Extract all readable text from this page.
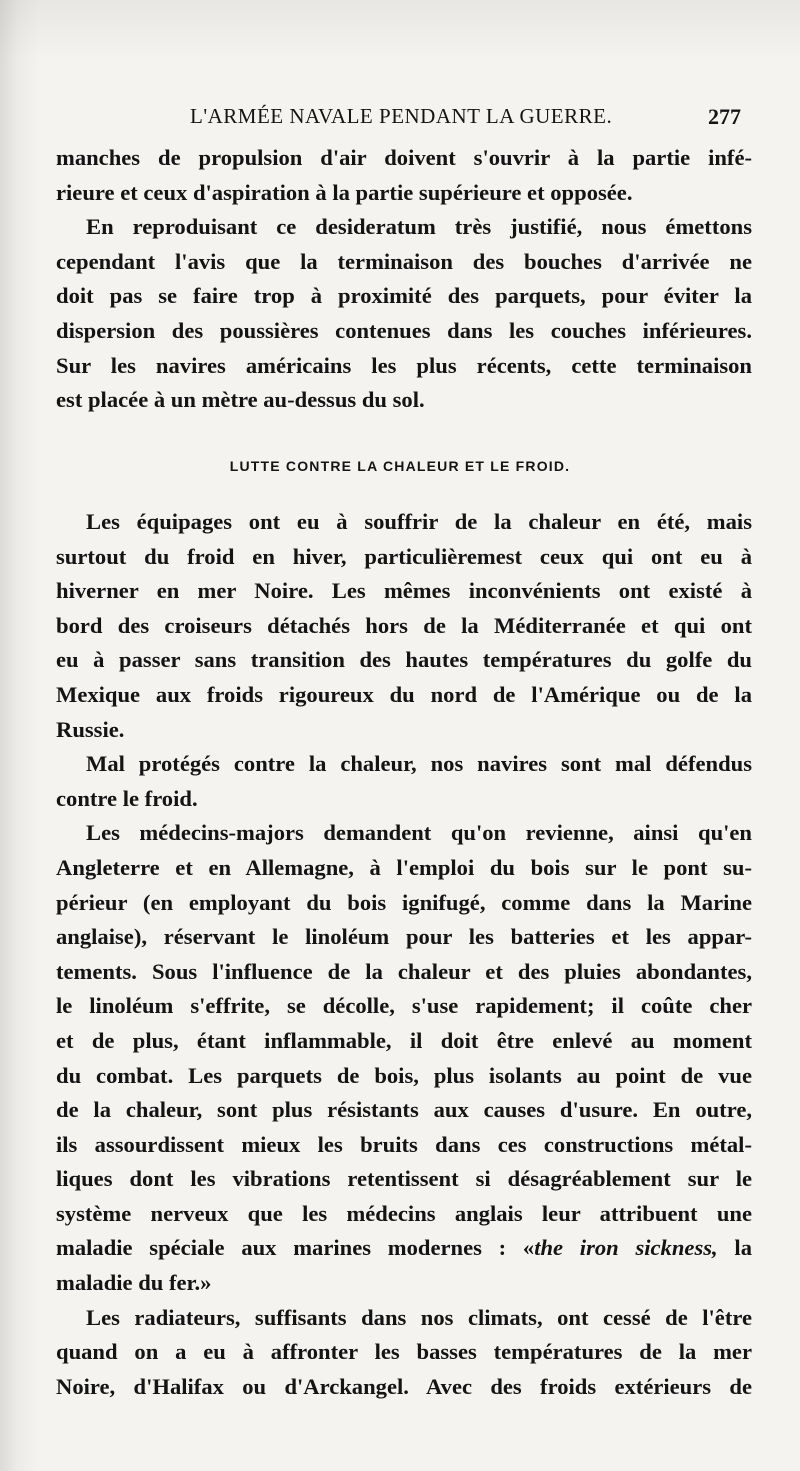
L'ARMÉE NAVALE PENDANT LA GUERRE.	277
manches de propulsion d'air doivent s'ouvrir à la partie infé-
rieure et ceux d'aspiration à la partie supérieure et opposée.
En reproduisant ce desideratum très justifié, nous émettons
cependant l'avis que la terminaison des bouches d'arrivée ne
doit pas se faire trop à proximité des parquets, pour éviter la
dispersion des poussières contenues dans les couches inférieures.
Sur les navires américains les plus récents, cette terminaison
est placée à un mètre au-dessus du sol.
LUTTE CONTRE LA CHALEUR ET LE FROID.
Les équipages ont eu à souffrir de la chaleur en été, mais
surtout du froid en hiver, particulièremest ceux qui ont eu à
hiverner en mer Noire. Les mêmes inconvénients ont existé à
bord des croiseurs détachés hors de la Méditerranée et qui ont
eu à passer sans transition des hautes températures du golfe du
Mexique aux froids rigoureux du nord de l'Amérique ou de la
Russie.
Mal protégés contre la chaleur, nos navires sont mal défendus
contre le froid.
Les médecins-majors demandent qu'on revienne, ainsi qu'en
Angleterre et en Allemagne, à l'emploi du bois sur le pont su-
périeur (en employant du bois ignifugé, comme dans la Marine
anglaise), réservant le linoléum pour les batteries et les appar-
tements. Sous l'influence de la chaleur et des pluies abondantes,
le linoléum s'effrite, se décolle, s'use rapidement; il coûte cher
et de plus, étant inflammable, il doit être enlevé au moment
du combat. Les parquets de bois, plus isolants au point de vue
de la chaleur, sont plus résistants aux causes d'usure. En outre,
ils assourdissent mieux les bruits dans ces constructions métal-
liques dont les vibrations retentissent si désagréablement sur le
système nerveux que les médecins anglais leur attribuent une
maladie spéciale aux marines modernes : «the iron sickness, la
maladie du fer.»
Les radiateurs, suffisants dans nos climats, ont cessé de l'être
quand on a eu à affronter les basses températures de la mer
Noire, d'Halifax ou d'Arckangel. Avec des froids extérieurs de
